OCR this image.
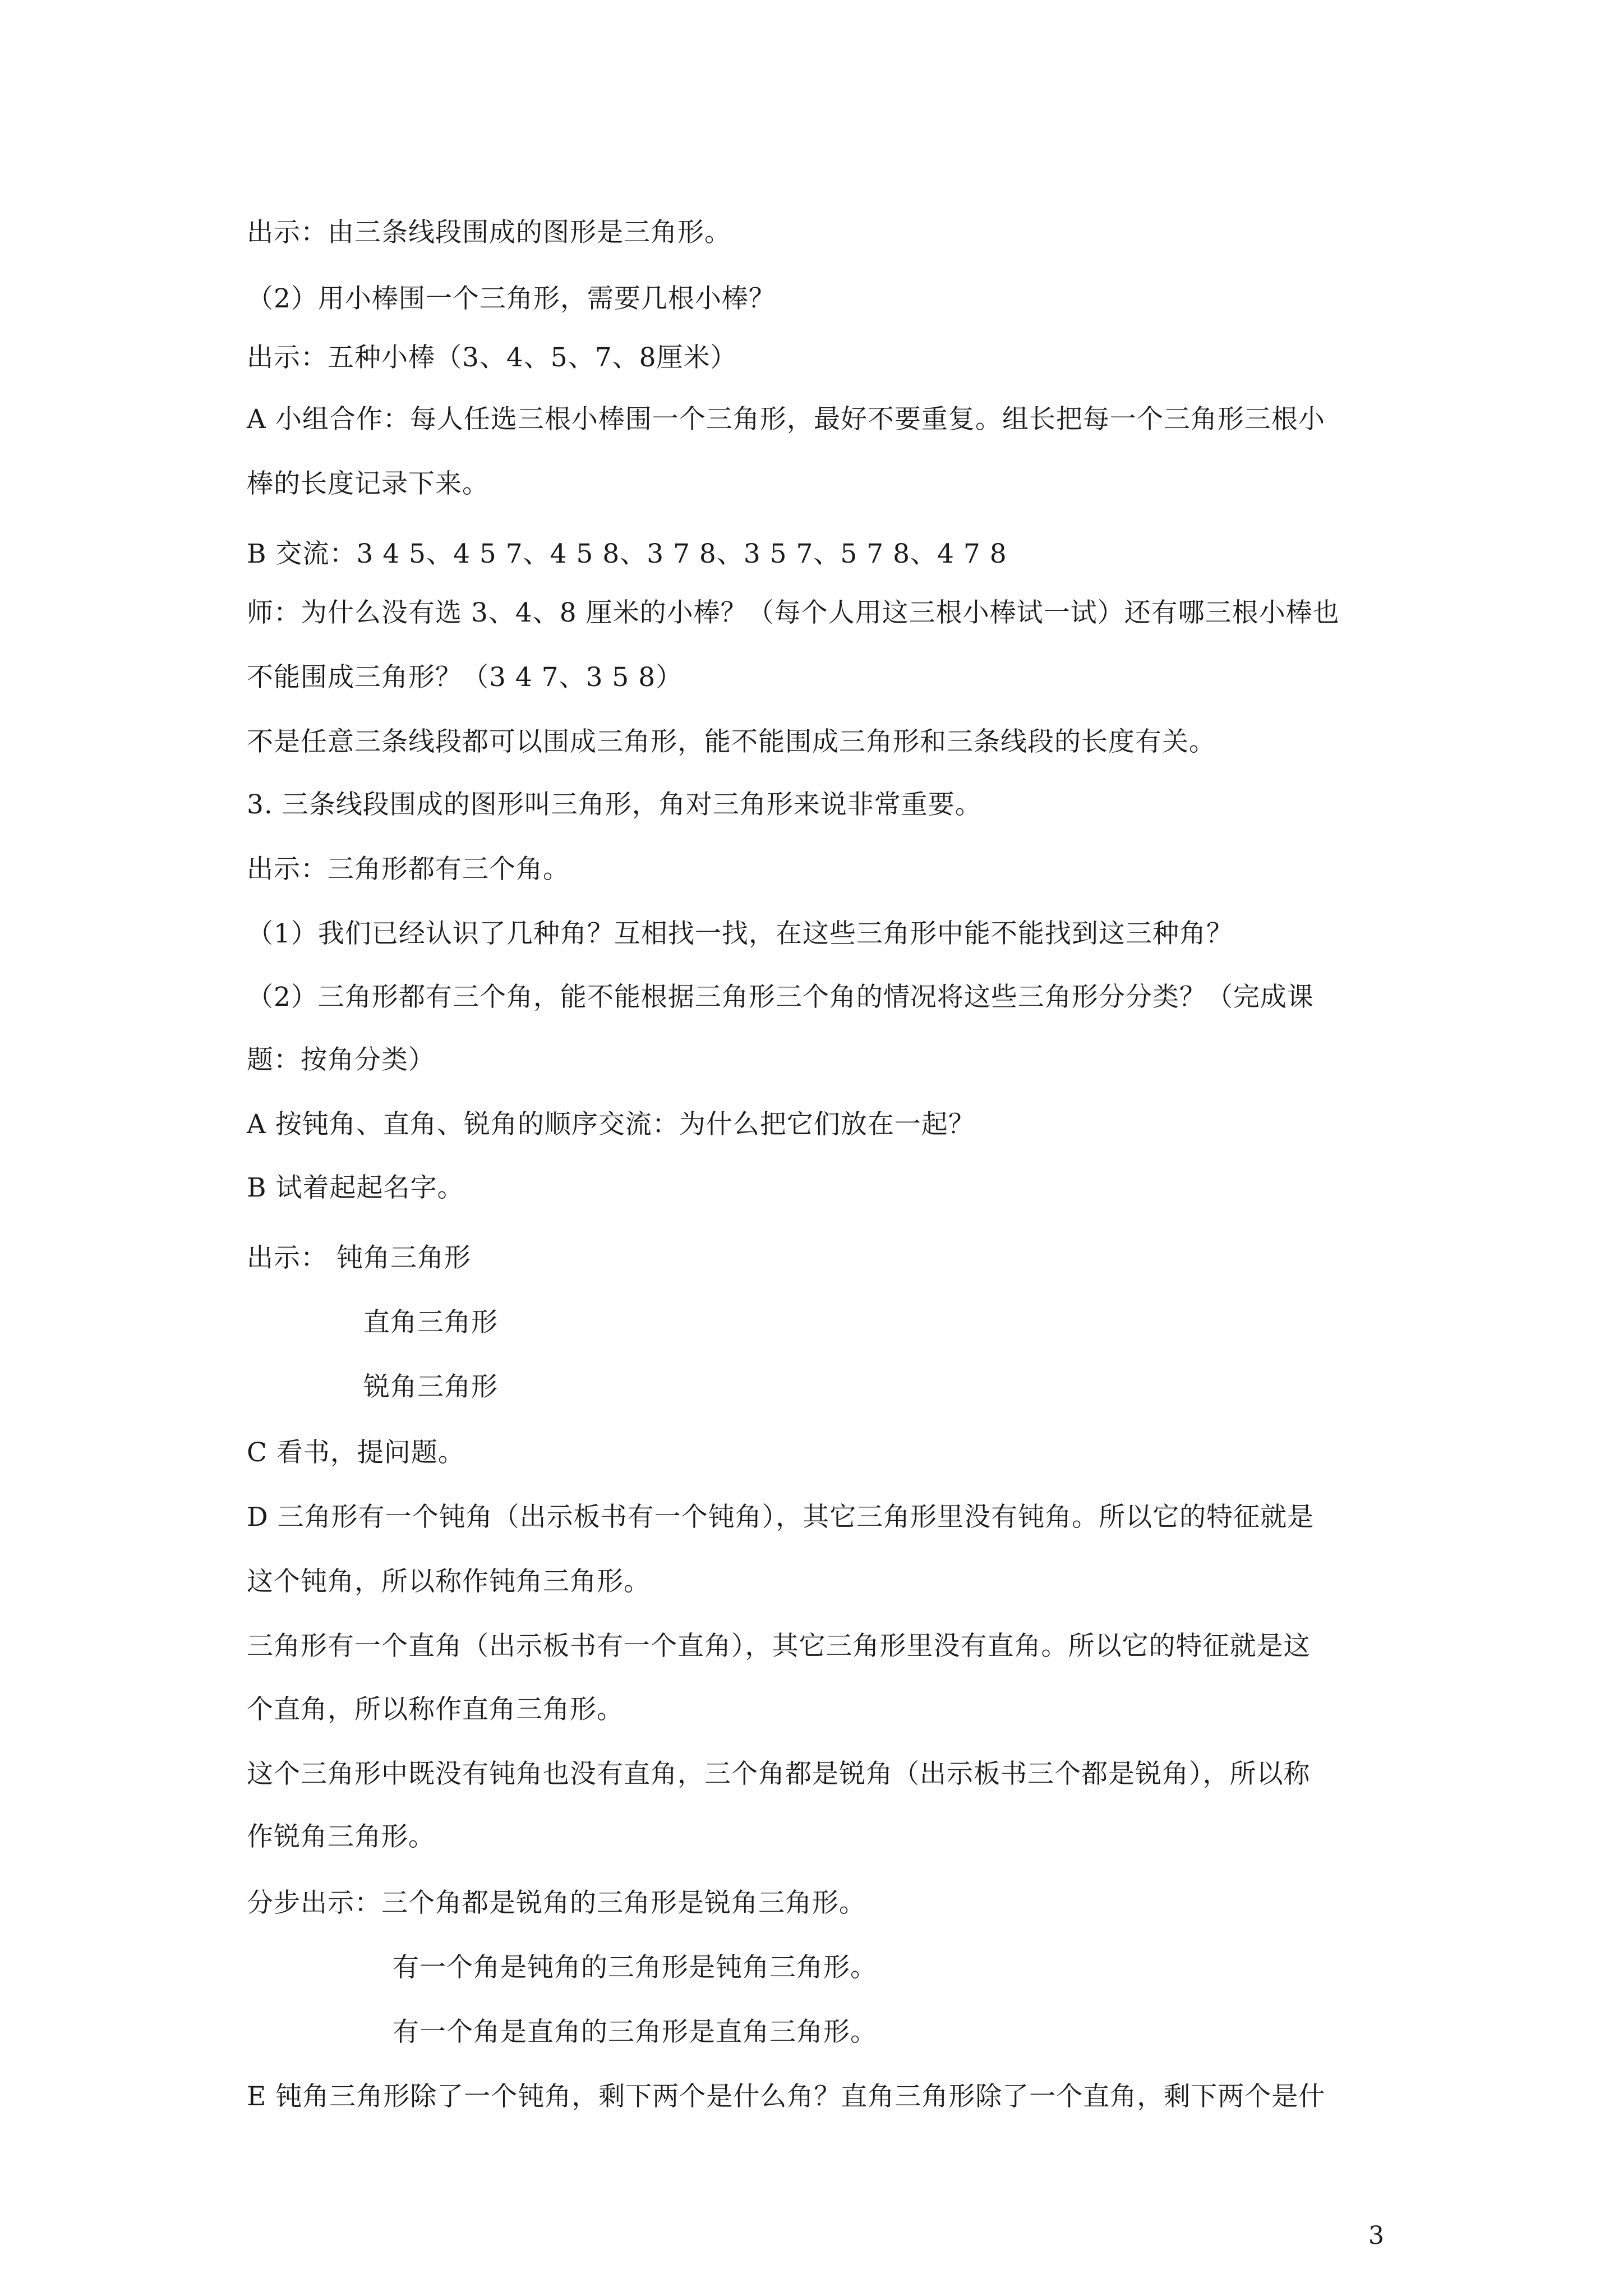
出示：由三条线段围成的图形是三角形。
（2）用小棒围一个三角形，需要几根小棒？
出示：五种小棒（3、4、5、7、8厘米）
A 小组合作：每人任选三根小棒围一个三角形，最好不要重复。组长把每一个三角形三根小
棒的长度记录下来。
B 交流：3 4 5、4 5 7、4 5 8、3 7 8、3 5 7、5 7 8、4 7 8
师：为什么没有选 3、4、8 厘米的小棒？（每个人用这三根小棒试一试）还有哪三根小棒也
不能围成三角形？（3 4 7、3 5 8）
不是任意三条线段都可以围成三角形，能不能围成三角形和三条线段的长度有关。
3. 三条线段围成的图形叫三角形，角对三角形来说非常重要。
出示：三角形都有三个角。
（1）我们已经认识了几种角？互相找一找，在这些三角形中能不能找到这三种角？
（2）三角形都有三个角，能不能根据三角形三个角的情况将这些三角形分分类？（完成课
题：按角分类）
A 按钝角、直角、锐角的顺序交流：为什么把它们放在一起？
B 试着起起名字。
出示： 钝角三角形
直角三角形
锐角三角形
C 看书，提问题。
D 三角形有一个钝角（出示板书有一个钝角），其它三角形里没有钝角。所以它的特征就是
这个钝角，所以称作钝角三角形。
三角形有一个直角（出示板书有一个直角），其它三角形里没有直角。所以它的特征就是这
个直角，所以称作直角三角形。
这个三角形中既没有钝角也没有直角，三个角都是锐角（出示板书三个都是锐角），所以称
作锐角三角形。
分步出示：三个角都是锐角的三角形是锐角三角形。
有一个角是钝角的三角形是钝角三角形。
有一个角是直角的三角形是直角三角形。
E 钝角三角形除了一个钝角，剩下两个是什么角？直角三角形除了一个直角，剩下两个是什
3
